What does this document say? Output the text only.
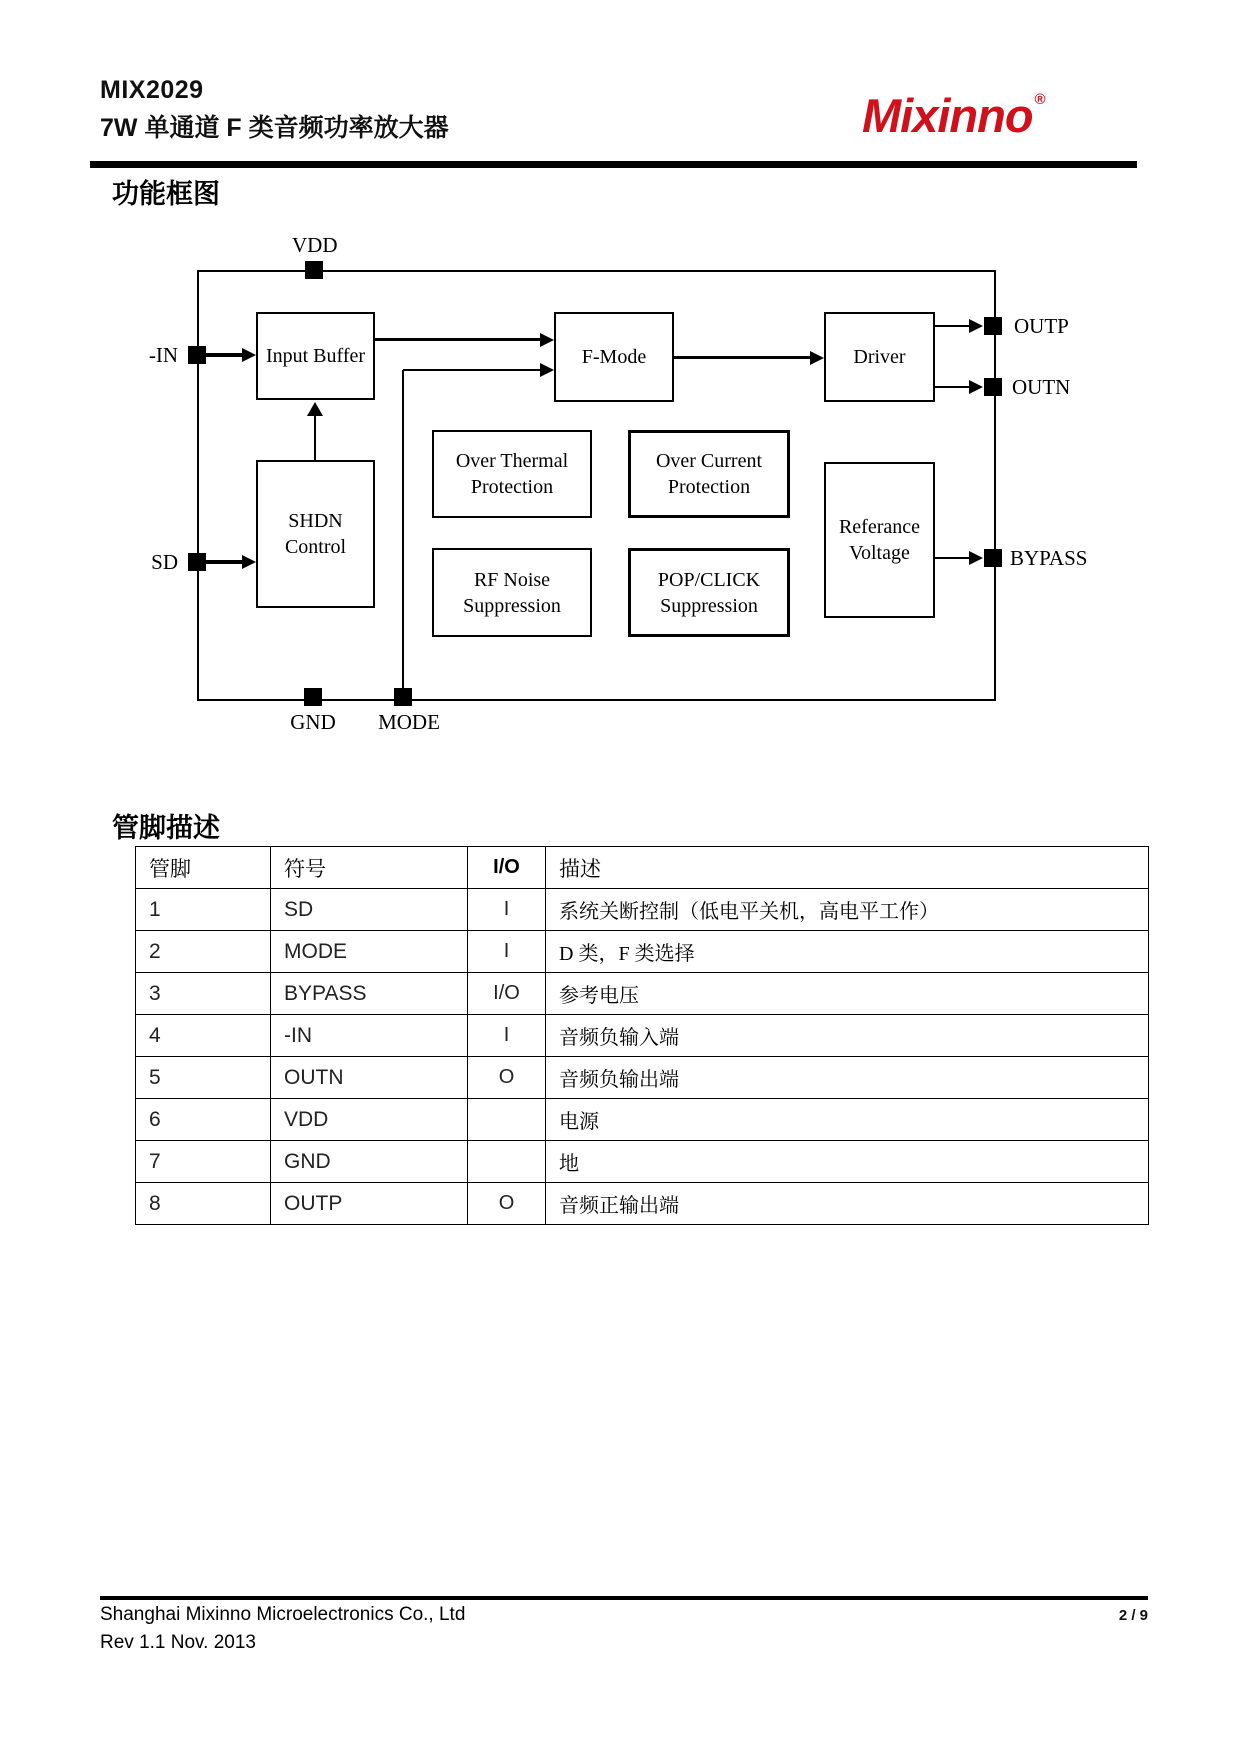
MIX2029
7W 单通道 F 类音频功率放大器	Mixinno ®
功能框图
VDD
-IN
SD
GND	MODE
OUTP
OUTN
BYPASS
Input Buffer	F-Mode	Driver
SHDN Control
Over Thermal Protection
Over Current Protection
RF Noise Suppression
POP/CLICK Suppression
Referance Voltage
管脚描述
管脚	符号	I/O	描述
1	SD	I	系统关断控制（低电平关机，高电平工作）
2	MODE	I	D 类，F 类选择
3	BYPASS	I/O	参考电压
4	-IN	I	音频负输入端
5	OUTN	O	音频负输出端
6	VDD		电源
7	GND		地
8	OUTP	O	音频正输出端
Shanghai Mixinno Microelectronics Co., Ltd
Rev 1.1 Nov. 2013
2 / 9
